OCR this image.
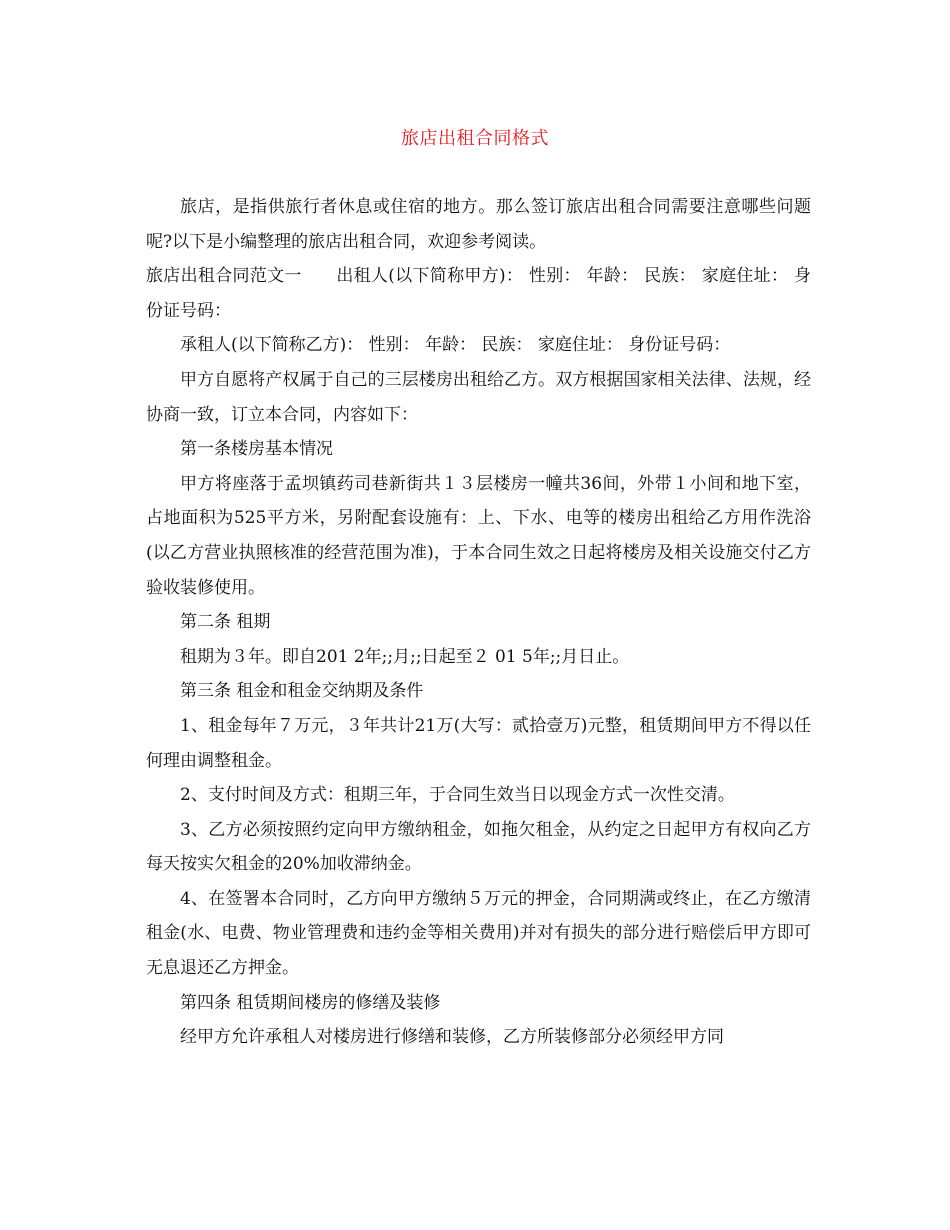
旅店出租合同格式

旅店，是指供旅行者休息或住宿的地方。那么签订旅店出租合同需要注意哪些问题呢?以下是小编整理的旅店出租合同，欢迎参考阅读。

旅店出租合同范文一　　出租人(以下简称甲方)： 性别： 年龄： 民族： 家庭住址： 身份证号码：

承租人(以下简称乙方)： 性别： 年龄： 民族： 家庭住址： 身份证号码：

甲方自愿将产权属于自己的三层楼房出租给乙方。双方根据国家相关法律、法规，经协商一致，订立本合同，内容如下：

第一条楼房基本情况

甲方将座落于孟坝镇药司巷新街共１３层楼房一幢共36间，外带１小间和地下室，占地面积为525平方米，另附配套设施有：上、下水、电等的楼房出租给乙方用作洗浴(以乙方营业执照核准的经营范围为准)，于本合同生效之日起将楼房及相关设施交付乙方验收装修使用。

第二条 租期

租期为３年。即自201 2年;;月;;日起至２ 01 5年;;月日止。

第三条 租金和租金交纳期及条件

1、租金每年７万元，３年共计21万(大写：贰拾壹万)元整，租赁期间甲方不得以任何理由调整租金。

2、支付时间及方式：租期三年，于合同生效当日以现金方式一次性交清。

3、乙方必须按照约定向甲方缴纳租金，如拖欠租金，从约定之日起甲方有权向乙方每天按实欠租金的20%加收滞纳金。

4、在签署本合同时，乙方向甲方缴纳５万元的押金，合同期满或终止，在乙方缴清租金(水、电费、物业管理费和违约金等相关费用)并对有损失的部分进行赔偿后甲方即可无息退还乙方押金。

第四条 租赁期间楼房的修缮及装修

经甲方允许承租人对楼房进行修缮和装修，乙方所装修部分必须经甲方同
